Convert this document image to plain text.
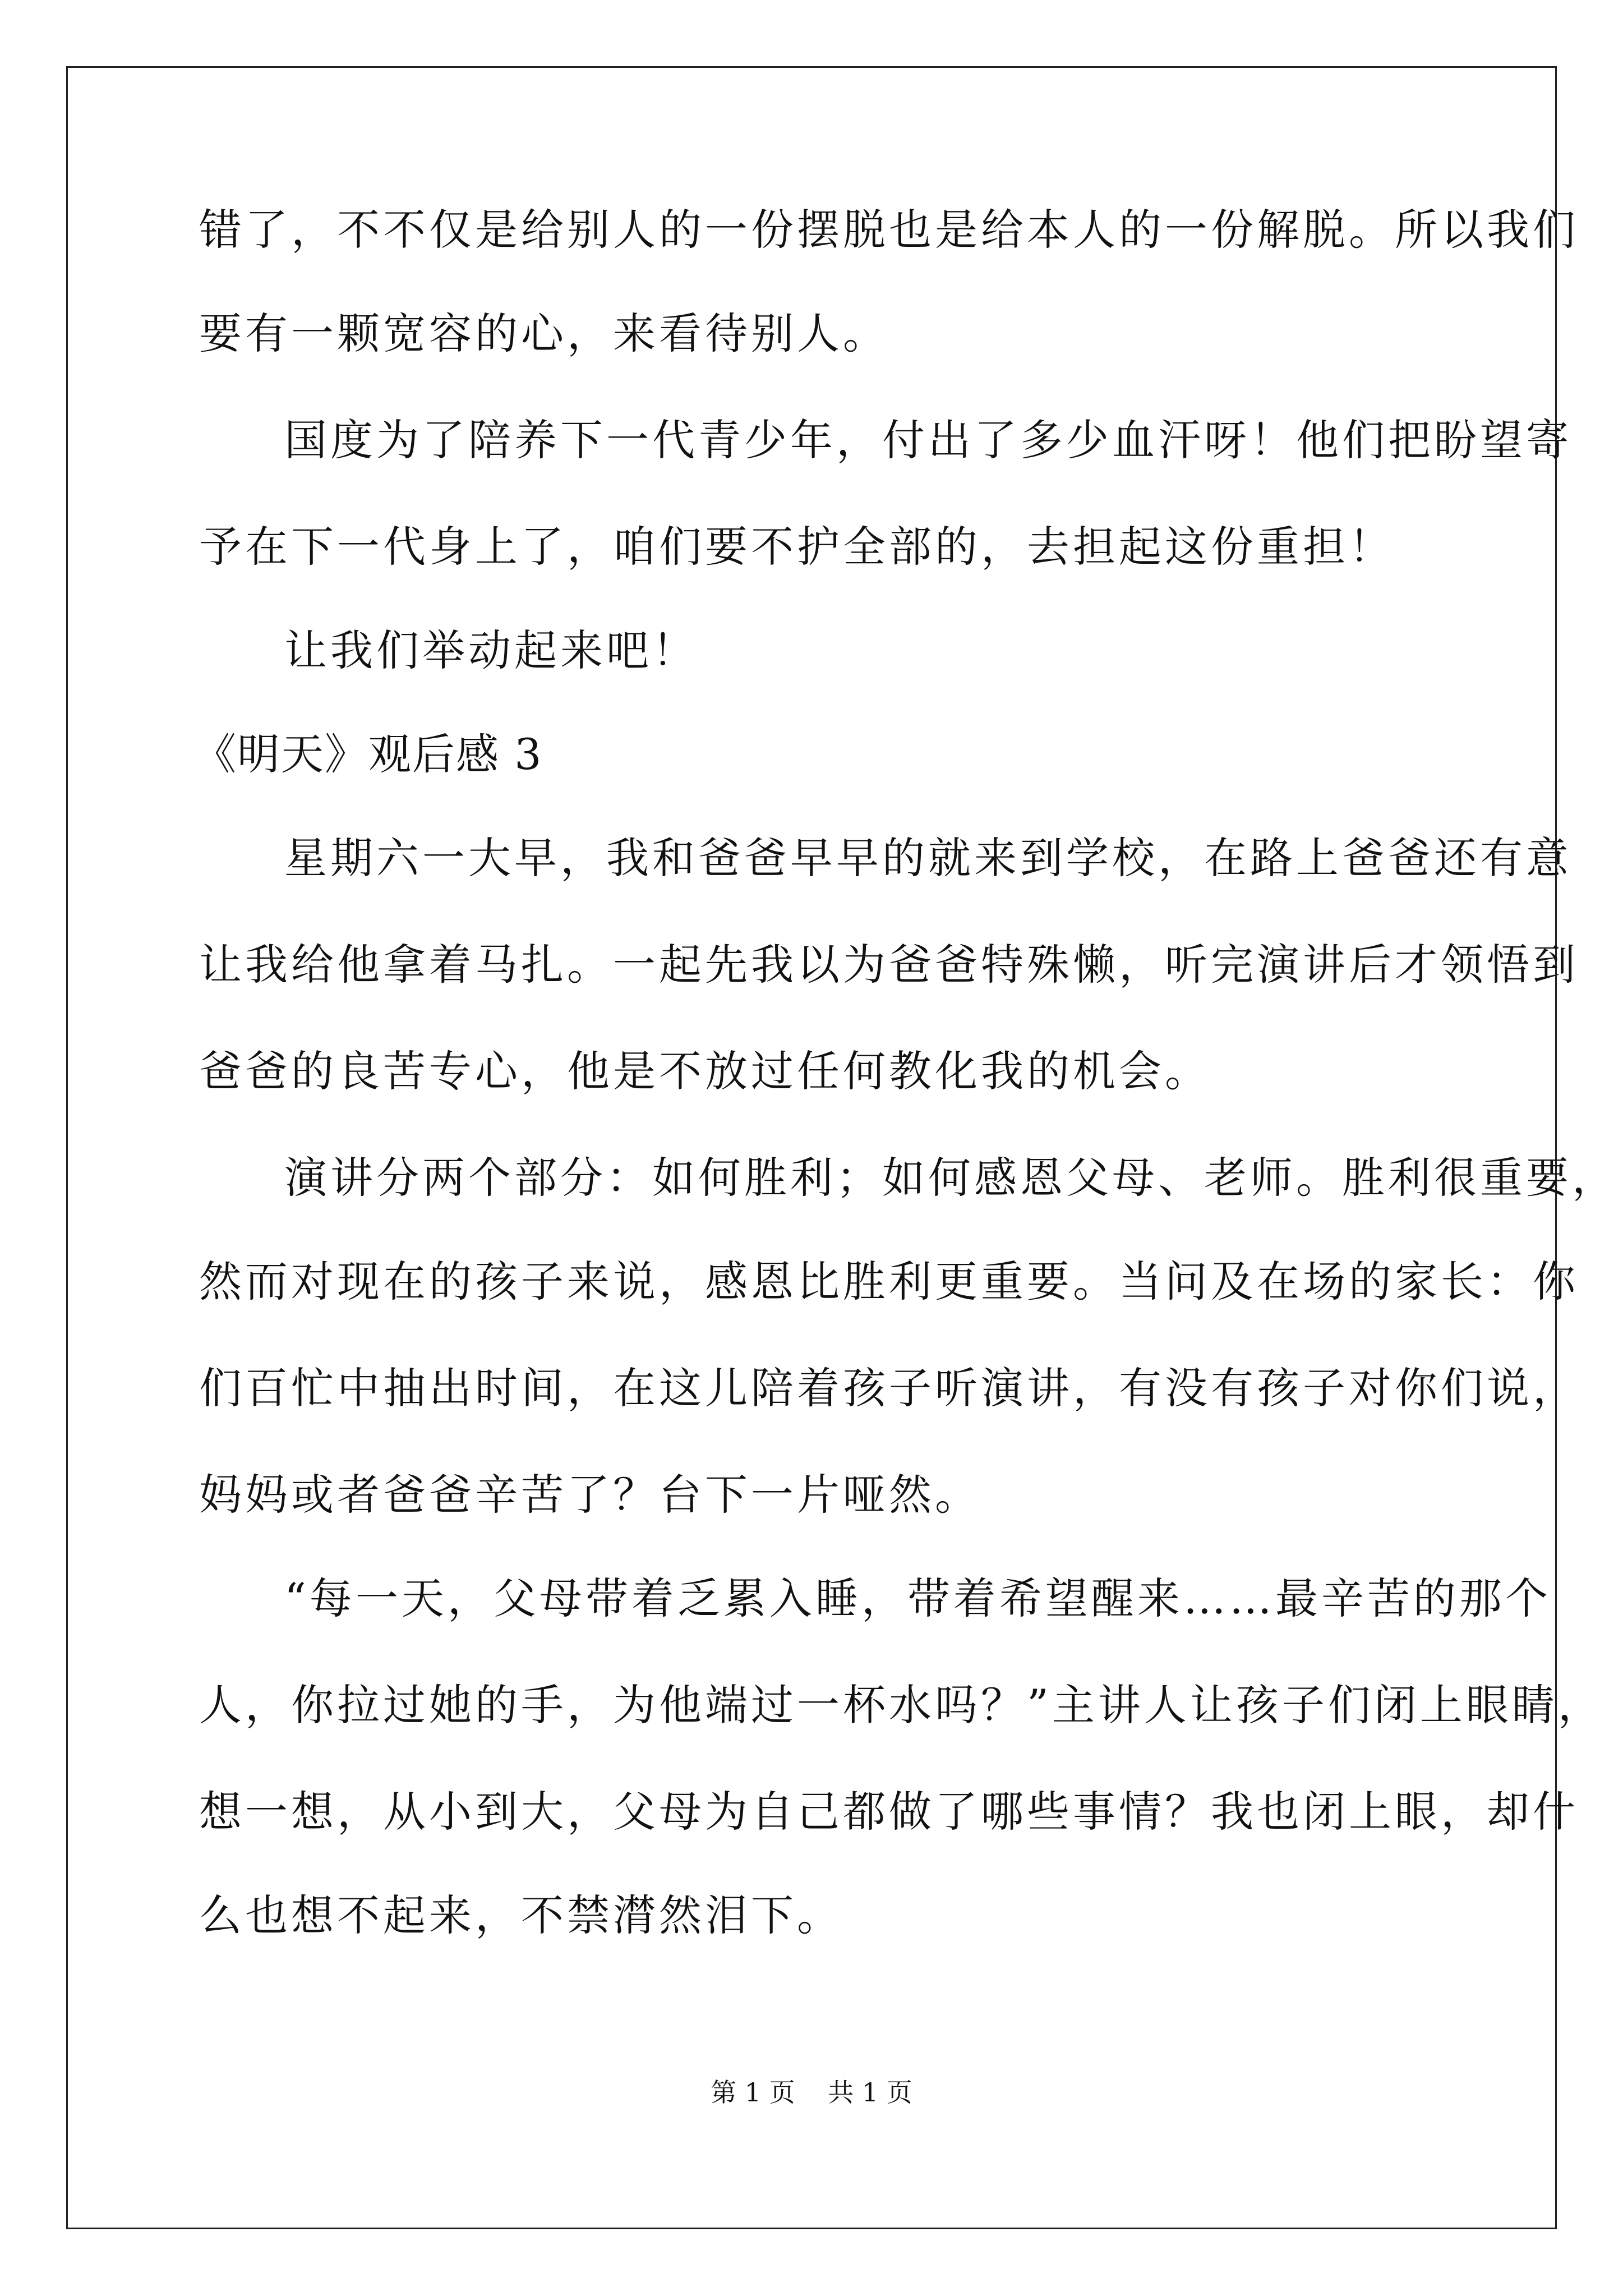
错了，不不仅是给别人的一份摆脱也是给本人的一份解脱。所以我们
要有一颗宽容的心，来看待别人。
国度为了陪养下一代青少年，付出了多少血汗呀！他们把盼望寄
予在下一代身上了，咱们要不护全部的，去担起这份重担！
让我们举动起来吧！
《明天》观后感 3
星期六一大早，我和爸爸早早的就来到学校，在路上爸爸还有意
让我给他拿着马扎。一起先我以为爸爸特殊懒，听完演讲后才领悟到
爸爸的良苦专心，他是不放过任何教化我的机会。
演讲分两个部分：如何胜利；如何感恩父母、老师。胜利很重要，
然而对现在的孩子来说，感恩比胜利更重要。当问及在场的家长：你
们百忙中抽出时间，在这儿陪着孩子听演讲，有没有孩子对你们说，
妈妈或者爸爸辛苦了？台下一片哑然。
“每一天，父母带着乏累入睡，带着希望醒来……最辛苦的那个
人，你拉过她的手，为他端过一杯水吗？”主讲人让孩子们闭上眼睛，
想一想，从小到大，父母为自己都做了哪些事情？我也闭上眼，却什
么也想不起来，不禁潸然泪下。
第 1 页    共 1 页
